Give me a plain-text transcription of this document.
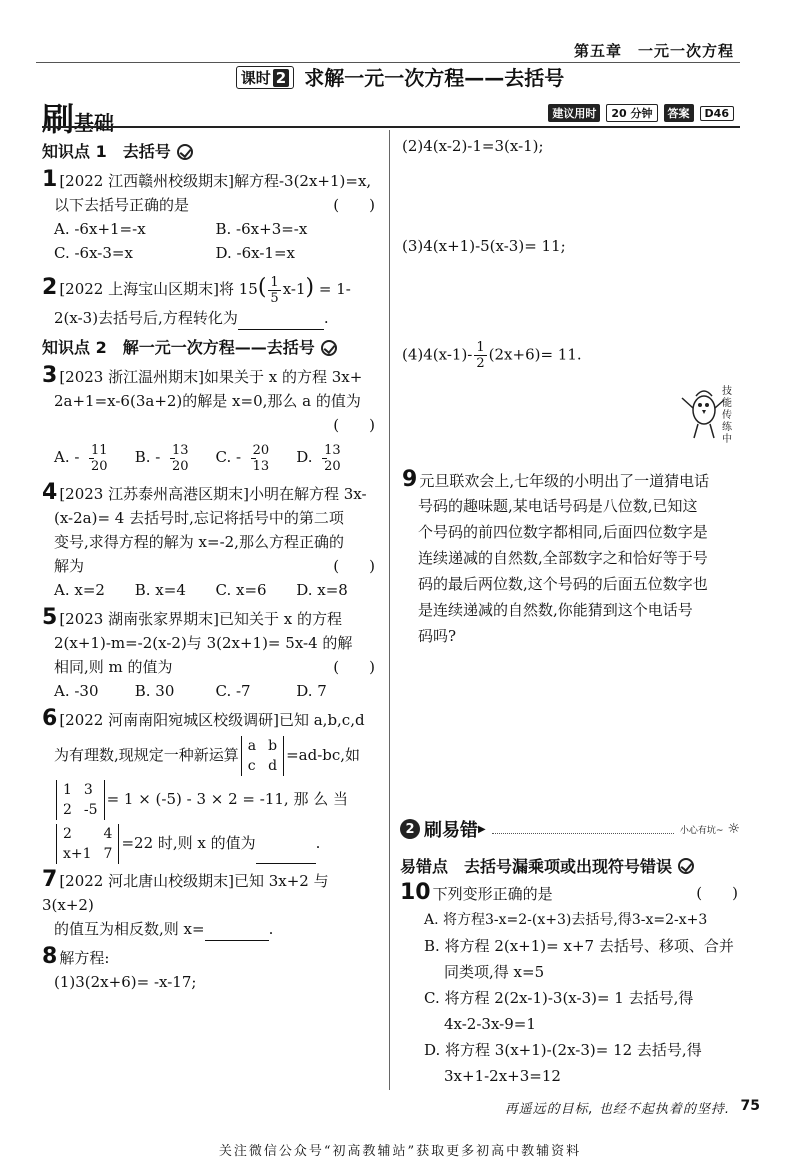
第五章　一元一次方程
课时 2 求解一元一次方程——去括号
刷基础	建议用时	20 分钟	答案	D46
知识点 1　去括号
1 [2022 江西赣州校级期末]解方程-3(2x+1)=x,
以下去括号正确的是	(　　)
A. -6x+1=-x	B. -6x+3=-x
C. -6x-3=x	D. -6x-1=x
2 [2022 上海宝山区期末]将 $15( \frac{1}{5} x-1) = 1-$
2(x-3)去括号后,方程转化为	.
知识点 2　解一元一次方程——去括号
3 [2023 浙江温州期末]如果关于 x 的方程 3x+
2a+1=x-6(3a+2)的解是 x=0,那么 a 的值为
(　　)
A. - $\frac{11}{20} B$. - $\frac{13}{20} C$. - $\frac{20}{13} D$. $\frac{13}{20}$
4 [2023 江苏泰州高港区期末]小明在解方程 3x-
(x-2a)= 4 去括号时,忘记将括号中的第二项
变号,求得方程的解为 x=-2,那么方程正确的
解为	(　　)
A. x=2	B. x=4	C. x=6	D. x=8
5 [2023 湖南张家界期末]已知关于 x 的方程
2(x+1)-m=-2(x-2)与 3(2x+1)= 5x-4 的解
相同,则 m 的值为	(　　)
A. -30	B. 30	C. -7	D. 7
6 [2022 河南南阳宛城区校级调研]已知 a,b,c,d
为有理数,现规定一种新运算 a b
c d
=ad-bc,如
1 3
2 -5
= 1 × (-5) - 3 × 2 = -11, 那 么 当
2	4
x+1 7
=22 时,则 x 的值为	.
7 [2022 河北唐山校级期末]已知 3x+2 与 3(x+2)
的值互为相反数,则 x=	.
8 解方程:
(1)3(2x+6)= -x-17;
(2)4(x-2)-1=3(x-1);
(3)4(x+1)-5(x-3)= 11;
$(4)4(x-1)- \frac{1}{2} (2x+6)= 11$.
9 元旦联欢会上,七年级的小明出了一道猜电话
号码的趣味题,某电话号码是八位数,已知这
个号码的前四位数字都相同,后面四位数字是
连续递减的自然数,全部数字之和恰好等于号
码的最后两位数,这个号码的后面五位数字也
是连续递减的自然数,你能猜到这个电话号
码吗?
技能传练中
2 刷易错 ▶	小心有坑~ ☼
易错点　去括号漏乘项或出现符号错误
10 下列变形正确的是	(　　)
A. 将方程3-x=2-(x+3)去括号,得3-x=2-x+3
B. 将方程 2(x+1)= x+7 去括号、移项、合并
同类项,得 x=5
C. 将方程 2(2x-1)-3(x-3)= 1 去括号,得
4x-2-3x-9=1
D. 将方程 3(x+1)-(2x-3)= 12 去括号,得
3x+1-2x+3=12
再遥远的目标, 也经不起执着的坚持. 75
关注微信公众号“初高教辅站”获取更多初高中教辅资料
